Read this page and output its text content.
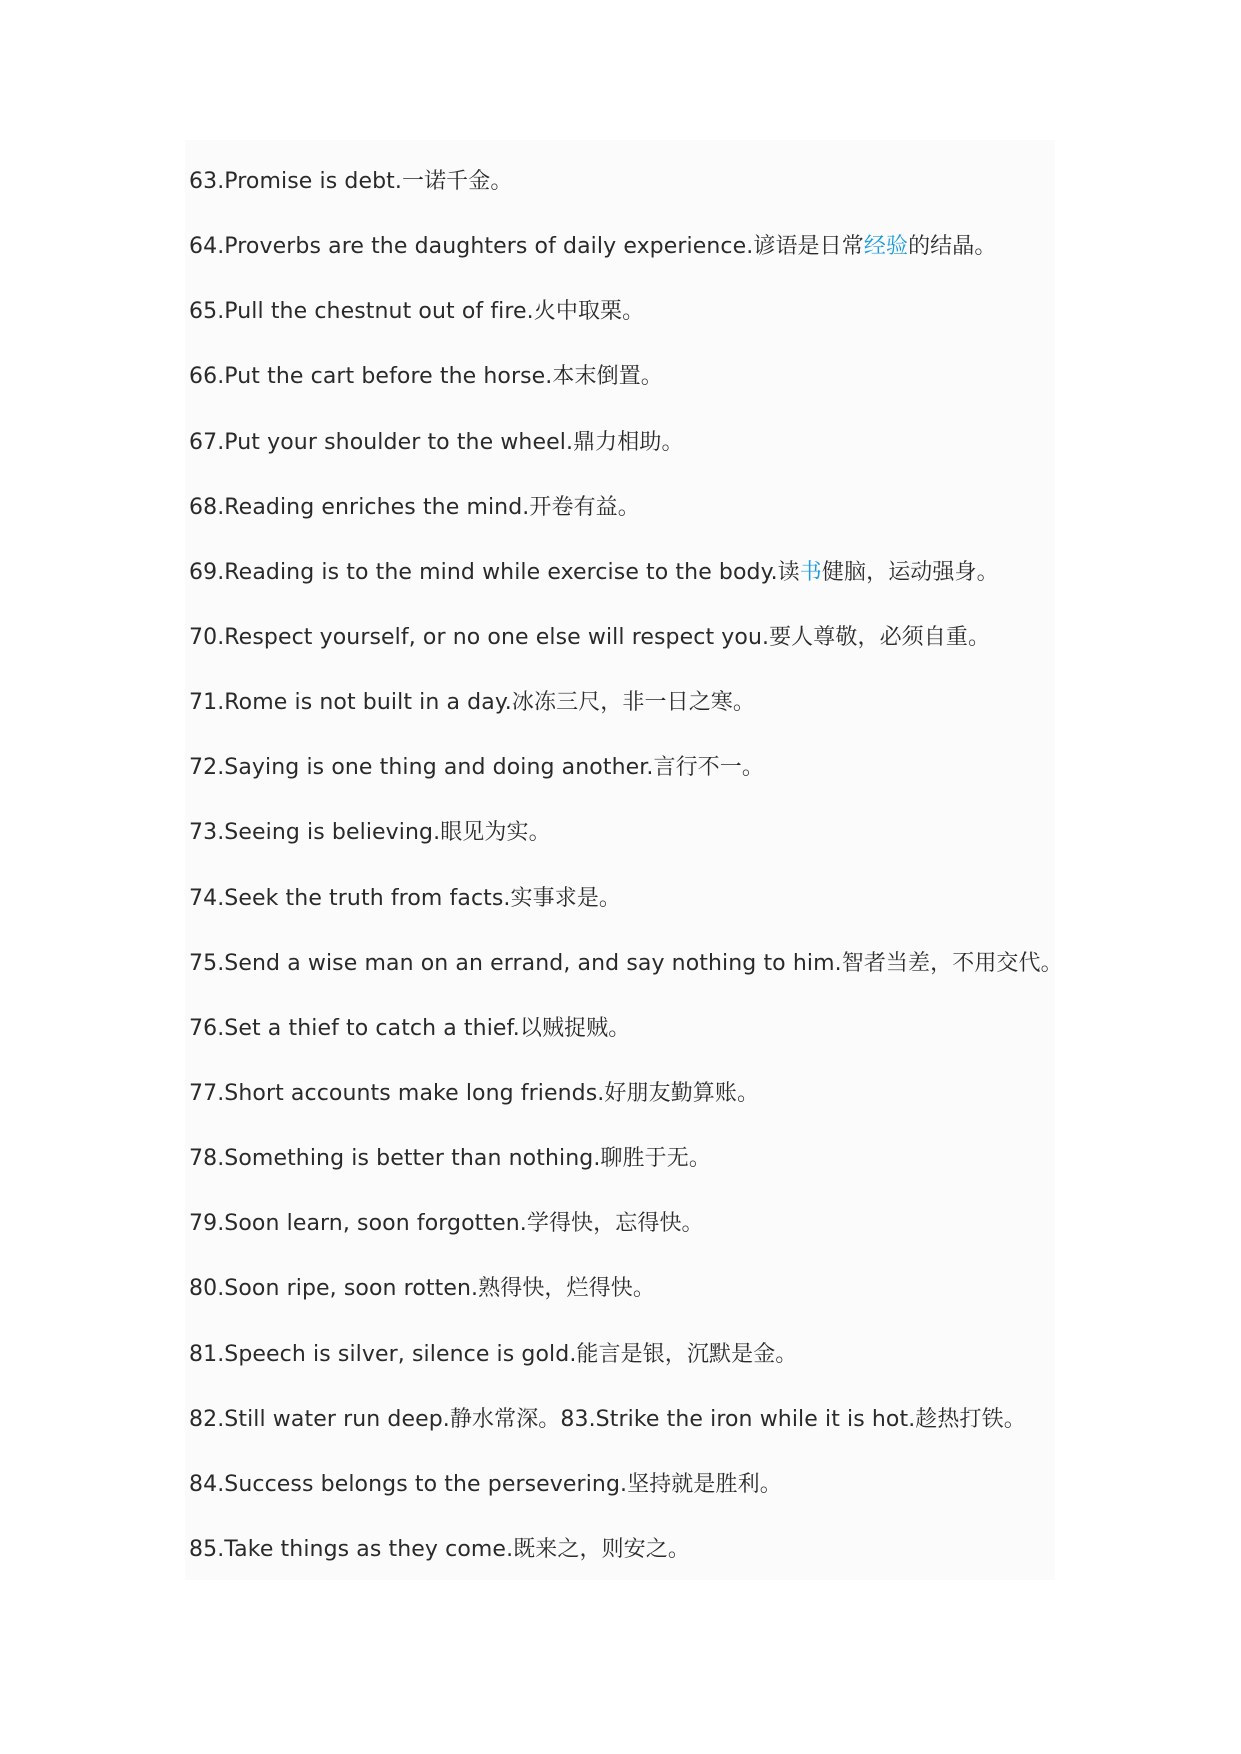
63.Promise is debt.一诺千金。
64.Proverbs are the daughters of daily experience.谚语是日常经验的结晶。
65.Pull the chestnut out of fire.火中取栗。
66.Put the cart before the horse.本末倒置。
67.Put your shoulder to the wheel.鼎力相助。
68.Reading enriches the mind.开卷有益。
69.Reading is to the mind while exercise to the body.读书健脑，运动强身。
70.Respect yourself, or no one else will respect you.要人尊敬，必须自重。
71.Rome is not built in a day.冰冻三尺，非一日之寒。
72.Saying is one thing and doing another.言行不一。
73.Seeing is believing.眼见为实。
74.Seek the truth from facts.实事求是。
75.Send a wise man on an errand, and say nothing to him.智者当差，不用交代。
76.Set a thief to catch a thief.以贼捉贼。
77.Short accounts make long friends.好朋友勤算账。
78.Something is better than nothing.聊胜于无。
79.Soon learn, soon forgotten.学得快，忘得快。
80.Soon ripe, soon rotten.熟得快，烂得快。
81.Speech is silver, silence is gold.能言是银，沉默是金。
82.Still water run deep.静水常深。83.Strike the iron while it is hot.趁热打铁。
84.Success belongs to the persevering.坚持就是胜利。
85.Take things as they come.既来之，则安之。
